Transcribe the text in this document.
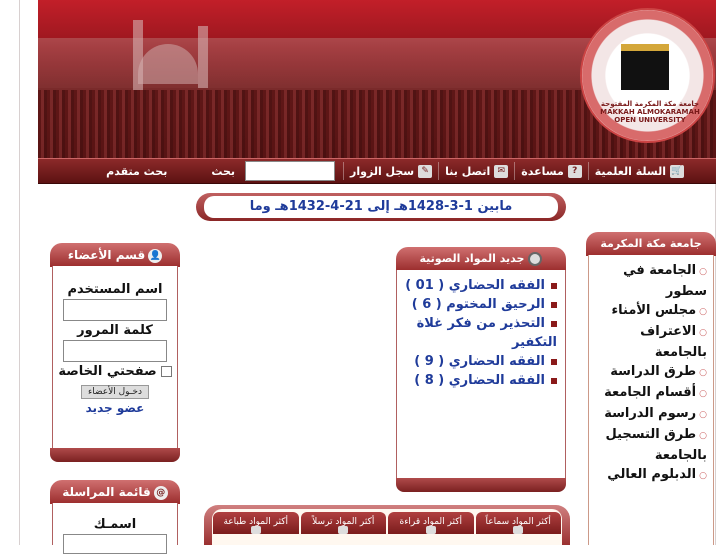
جامعة مكة المكرمة المفتوحة
MAKKAH ALMOKARAMAH OPEN UNIVERSITY
🛒
السلة العلمية
?
مساعدة
✉
اتصل بنا
✎
سجل الزوار
بحث
بحث متقدم
مابين 1-3-1428هـ إلى 21-4-1432هـ وما
جامعة مكة المكرمة
○الجامعة في سطور
○مجلس الأمناء
○الاعتراف بالجامعة
○طرق الدراسة
○أقسام الجامعة
○رسوم الدراسة
○طرق التسجيل بالجامعة
○الدبلوم العالي
جديد المواد الصوتية
الفقه الحضاري ( 01 )
الرحيق المختوم ( 6 )
التحذير من فكر غلاة التكفير
الفقه الحضاري ( 9 )
الفقه الحضاري ( 8 )
👤قسم الأعضاء
اسم المستخدم
كلمة المرور
صفحتي الخاصة
دخـول الأعضاء
عضو جديد
@قائمة المراسلة
اسمـك	أكثر المواد سماعاً
أكثر المواد قراءة
أكثر المواد ترسلاً
أكثر المواد طباعة
